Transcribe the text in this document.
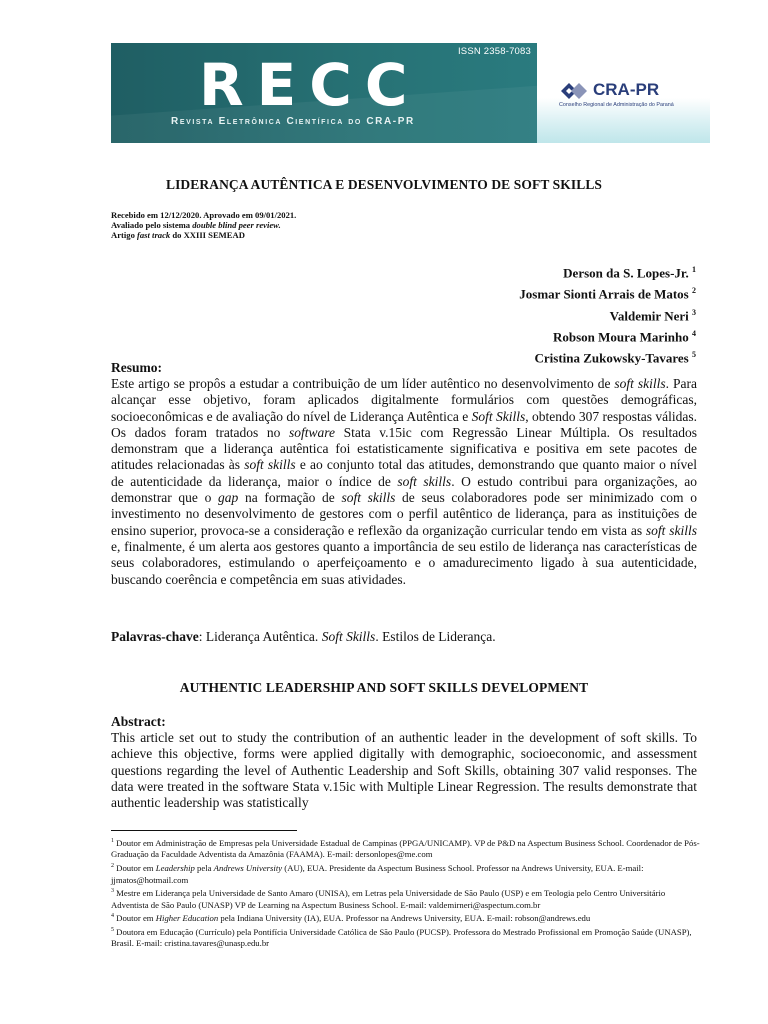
ISSN 2358-7083
RECC
Revista Eletrônica Científica do CRA-PR
CRA-PR
Conselho Regional de Administração do Paraná
LIDERANÇA AUTÊNTICA E DESENVOLVIMENTO DE SOFT SKILLS
Recebido em 12/12/2020. Aprovado em 09/01/2021.
Avaliado pelo sistema double blind peer review.
Artigo fast track do XXIII SEMEAD
Derson da S. Lopes-Jr. $^1$
Josmar Sionti Arrais de Matos $^2$
Valdemir Neri $^3$
Robson Moura Marinho $^4$
Cristina Zukowsky-Tavares $^5$
Resumo:
Este artigo se propôs a estudar a contribuição de um líder autêntico no desenvolvimento de soft skills. Para alcançar esse objetivo, foram aplicados digitalmente formulários com questões demográficas, socioeconômicas e de avaliação do nível de Liderança Autêntica e Soft Skills, obtendo 307 respostas válidas. Os dados foram tratados no software Stata v.15ic com Regressão Linear Múltipla. Os resultados demonstram que a liderança autêntica foi estatisticamente significativa e positiva em sete pacotes de atitudes relacionadas às soft skills e ao conjunto total das atitudes, demonstrando que quanto maior o nível de autenticidade da liderança, maior o índice de soft skills. O estudo contribui para organizações, ao demonstrar que o gap na formação de soft skills de seus colaboradores pode ser minimizado com o investimento no desenvolvimento de gestores com o perfil autêntico de liderança, para as instituições de ensino superior, provoca-se a consideração e reflexão da organização curricular tendo em vista as soft skills e, finalmente, é um alerta aos gestores quanto a importância de seu estilo de liderança nas características de seus colaboradores, estimulando o aperfeiçoamento e o amadurecimento ligado à sua autenticidade, buscando coerência e competência em suas atividades.
Palavras-chave: Liderança Autêntica. Soft Skills. Estilos de Liderança.
AUTHENTIC LEADERSHIP AND SOFT SKILLS DEVELOPMENT
Abstract:
This article set out to study the contribution of an authentic leader in the development of soft skills. To achieve this objective, forms were applied digitally with demographic, socioeconomic, and assessment questions regarding the level of Authentic Leadership and Soft Skills, obtaining 307 valid responses. The data were treated in the software Stata v.15ic with Multiple Linear Regression. The results demonstrate that authentic leadership was statistically

$^1$ Doutor em Administração de Empresas pela Universidade Estadual de Campinas (PPGA/UNICAMP). VP de P&D na Aspectum Business School. Coordenador de Pós-Graduação da Faculdade Adventista da Amazônia (FAAMA). E-mail: dersonlopes@me.com

$^2$ Doutor em Leadership pela Andrews University (AU), EUA. Presidente da Aspectum Business School. Professor na Andrews University, EUA. E-mail: jjmatos@hotmail.com

$^3$ Mestre em Liderança pela Universidade de Santo Amaro (UNISA), em Letras pela Universidade de São Paulo (USP) e em Teologia pelo Centro Universitário Adventista de São Paulo (UNASP) VP de Learning na Aspectum Business School. E-mail: valdemirneri@aspectum.com.br

$^4$ Doutor em Higher Education pela Indiana University (IA), EUA. Professor na Andrews University, EUA. E-mail: robson@andrews.edu

$^5$ Doutora em Educação (Currículo) pela Pontifícia Universidade Católica de São Paulo (PUCSP). Professora do Mestrado Profissional em Promoção Saúde (UNASP), Brasil. E-mail: cristina.tavares@unasp.edu.br
